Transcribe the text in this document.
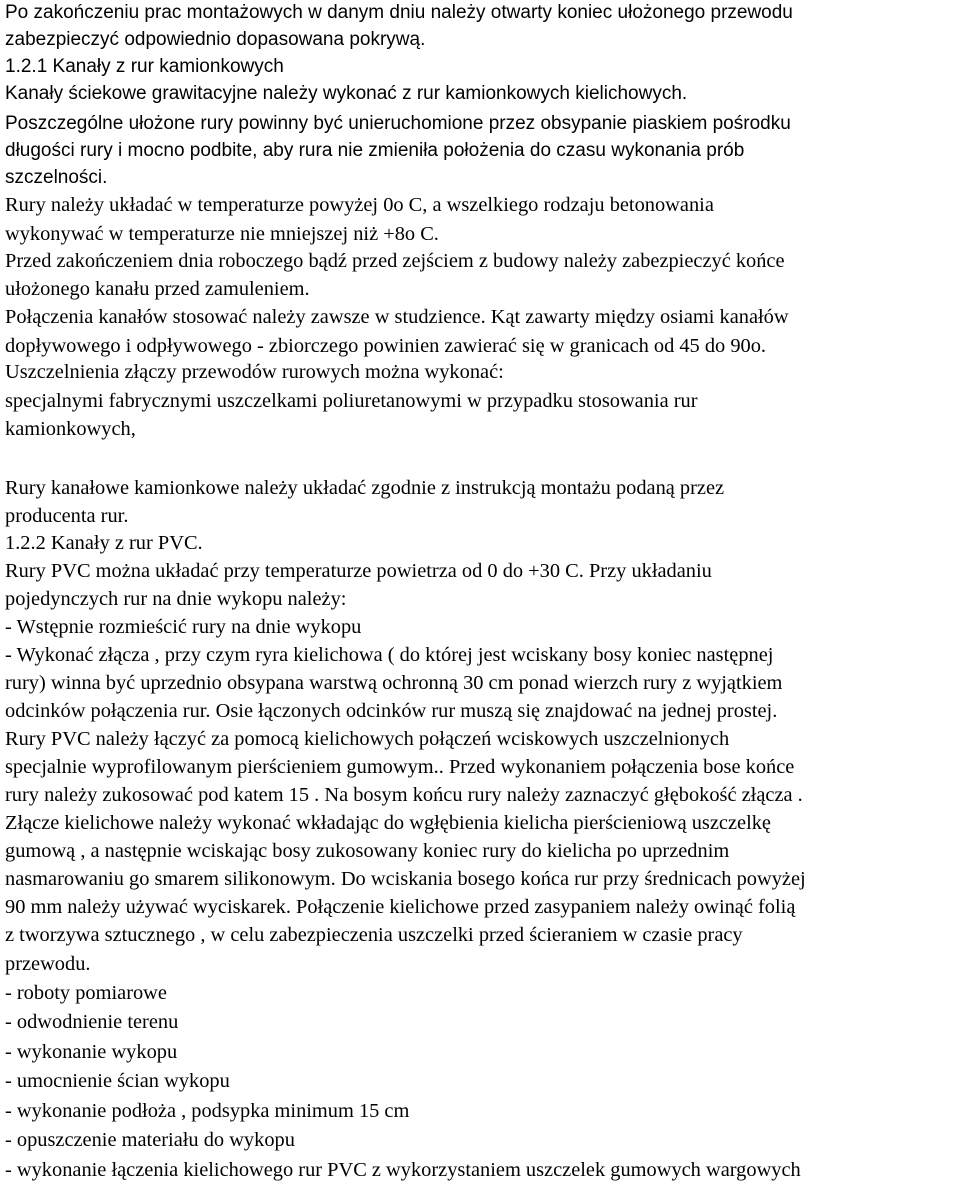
Po zakończeniu prac montażowych w danym dniu należy otwarty koniec ułożonego przewodu

zabezpieczyć odpowiednio dopasowana pokrywą.

1.2.1 Kanały z rur kamionkowych

Kanały ściekowe grawitacyjne należy wykonać z rur kamionkowych kielichowych.

Poszczególne ułożone rury powinny być unieruchomione przez obsypanie piaskiem pośrodku

długości rury i mocno podbite, aby rura nie zmieniła położenia do czasu wykonania prób

szczelności.

Rury należy układać w temperaturze powyżej 0o C, a wszelkiego rodzaju betonowania

wykonywać w temperaturze nie mniejszej niż +8o C.

Przed zakończeniem dnia roboczego bądź przed zejściem z budowy należy zabezpieczyć końce

ułożonego kanału przed zamuleniem.

Połączenia kanałów stosować należy zawsze w studzience. Kąt zawarty między osiami kanałów

dopływowego i odpływowego - zbiorczego powinien zawierać się w granicach od 45 do 90o.

Uszczelnienia złączy przewodów rurowych można wykonać:

specjalnymi fabrycznymi uszczelkami poliuretanowymi w przypadku stosowania rur

kamionkowych,

Rury kanałowe kamionkowe należy układać zgodnie z instrukcją montażu podaną przez

producenta rur.

1.2.2 Kanały z rur PVC.

Rury PVC można układać przy temperaturze powietrza od 0 do +30 C. Przy układaniu

pojedynczych rur na dnie wykopu należy:

- Wstępnie rozmieścić rury na dnie wykopu

- Wykonać złącza , przy czym ryra kielichowa ( do której jest wciskany bosy koniec następnej

rury) winna być uprzednio obsypana warstwą ochronną 30 cm ponad wierzch rury z wyjątkiem

odcinków połączenia rur. Osie łączonych odcinków rur muszą się znajdować na jednej prostej.

Rury PVC należy łączyć za pomocą kielichowych połączeń wciskowych uszczelnionych

specjalnie wyprofilowanym pierścieniem gumowym.. Przed wykonaniem połączenia bose końce

rury należy zukosować pod katem 15 . Na bosym końcu rury należy zaznaczyć głębokość złącza .

Złącze kielichowe należy wykonać wkładając do wgłębienia kielicha pierścieniową uszczelkę

gumową , a następnie wciskając bosy zukosowany koniec rury do kielicha po uprzednim

nasmarowaniu go smarem silikonowym. Do wciskania bosego końca rur przy średnicach powyżej

90 mm należy używać wyciskarek. Połączenie kielichowe przed zasypaniem należy owinąć folią

z tworzywa sztucznego , w celu zabezpieczenia uszczelki przed ścieraniem w czasie pracy

przewodu.

- roboty pomiarowe

- odwodnienie terenu

- wykonanie wykopu

- umocnienie ścian wykopu

- wykonanie podłoża , podsypka minimum 15 cm

- opuszczenie materiału do wykopu

- wykonanie łączenia kielichowego rur PVC z wykorzystaniem uszczelek gumowych wargowych
